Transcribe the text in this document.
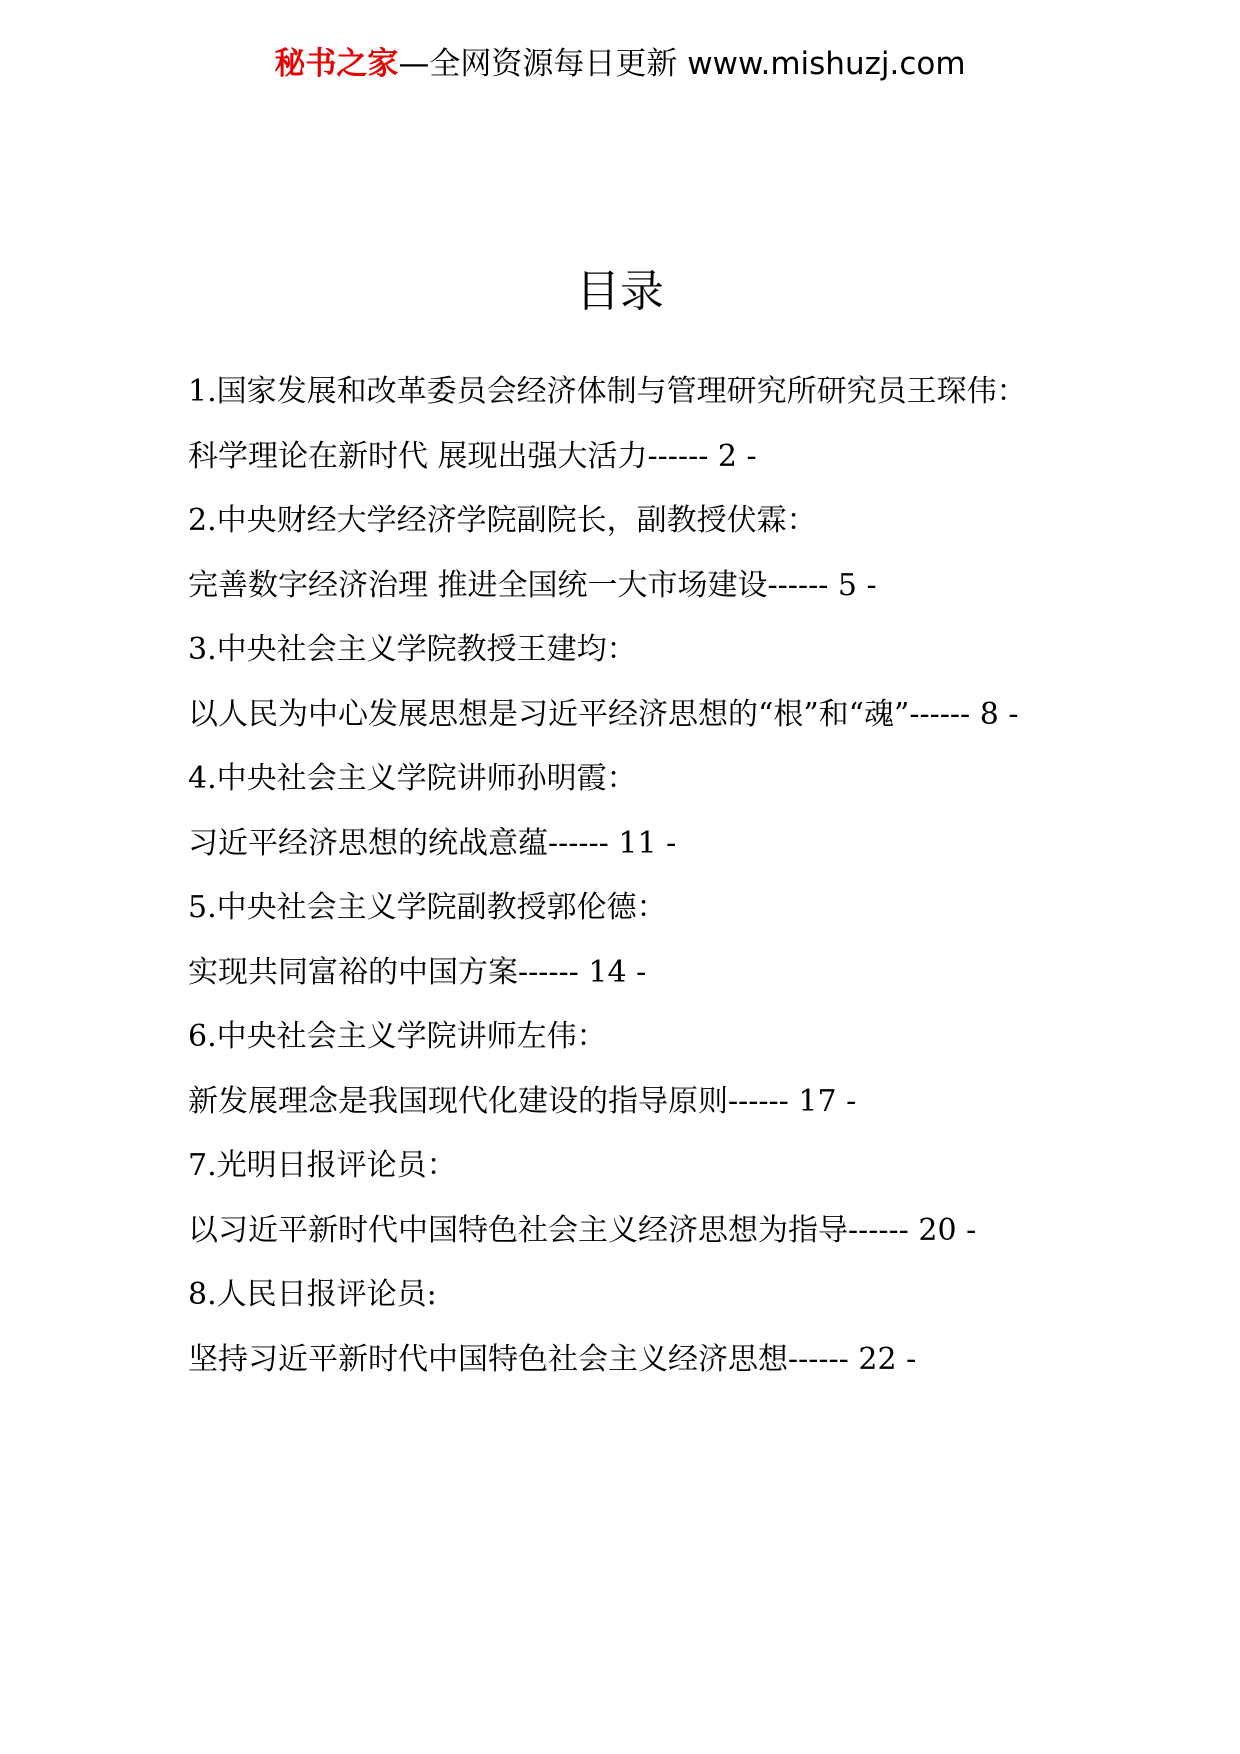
秘书之家—全网资源每日更新 www.mishuzj.com
目录
1.国家发展和改革委员会经济体制与管理研究所研究员王琛伟：
科学理论在新时代 展现出强大活力------ 2 -
2.中央财经大学经济学院副院长，副教授伏霖：
完善数字经济治理 推进全国统一大市场建设------ 5 -
3.中央社会主义学院教授王建均：
以人民为中心发展思想是习近平经济思想的“根”和“魂”------ 8 -
4.中央社会主义学院讲师孙明霞：
习近平经济思想的统战意蕴------ 11 -
5.中央社会主义学院副教授郭伦德：
实现共同富裕的中国方案------ 14 -
6.中央社会主义学院讲师左伟：
新发展理念是我国现代化建设的指导原则------ 17 -
7.光明日报评论员：
以习近平新时代中国特色社会主义经济思想为指导------ 20 -
8.人民日报评论员:
坚持习近平新时代中国特色社会主义经济思想------ 22 -
